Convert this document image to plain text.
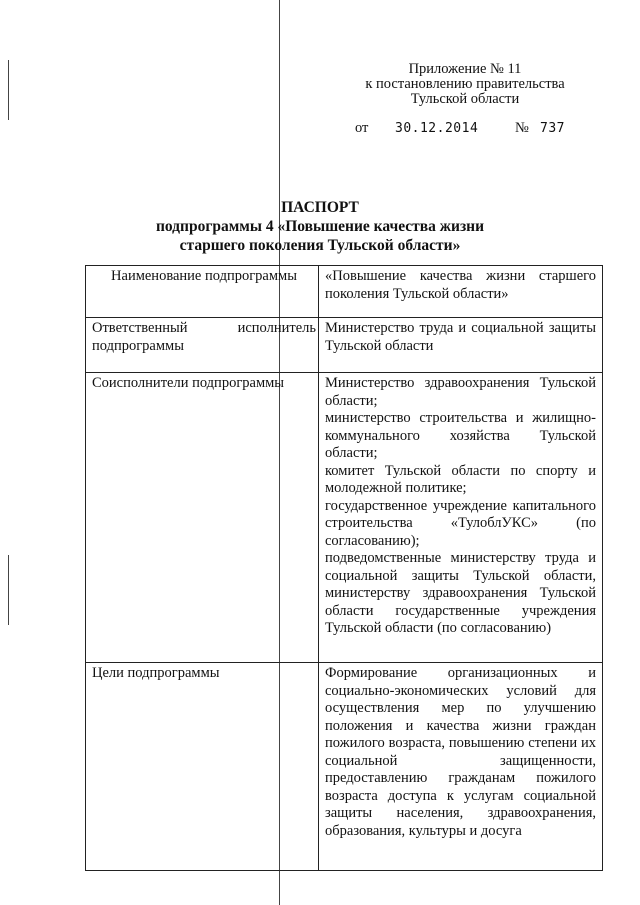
Приложение № 11
к постановлению правительства
Тульской области
от 30.12.2014	№ 737
ПАСПОРТ
подпрограммы 4 «Повышение качества жизни
старшего поколения Тульской области»
Наименование подпрограммы	«Повышение качества жизни старшего поколения Тульской области»

Ответственный исполнитель подпрограммы	Министерство труда и социальной защиты Тульской области

Соисполнители подпрограммы	Министерство здравоохранения Тульской области;

министерство строительства и жилищно-коммунального хозяйства Тульской области;

комитет Тульской области по спорту и молодежной политике;

государственное учреждение капитального строительства «ТулоблУКС» (по согласованию);

подведомственные министерству труда и социальной защиты Тульской области, министерству здравоохранения Тульской области государственные учреждения Тульской области (по согласованию)

Цели подпрограммы	Формирование организационных и социально-экономических условий для осуществления мер по улучшению положения и качества жизни граждан пожилого возраста, повышению степени их социальной защищенности, предоставлению гражданам пожилого возраста доступа к услугам социальной защиты населения, здравоохранения, образования, культуры и досуга
